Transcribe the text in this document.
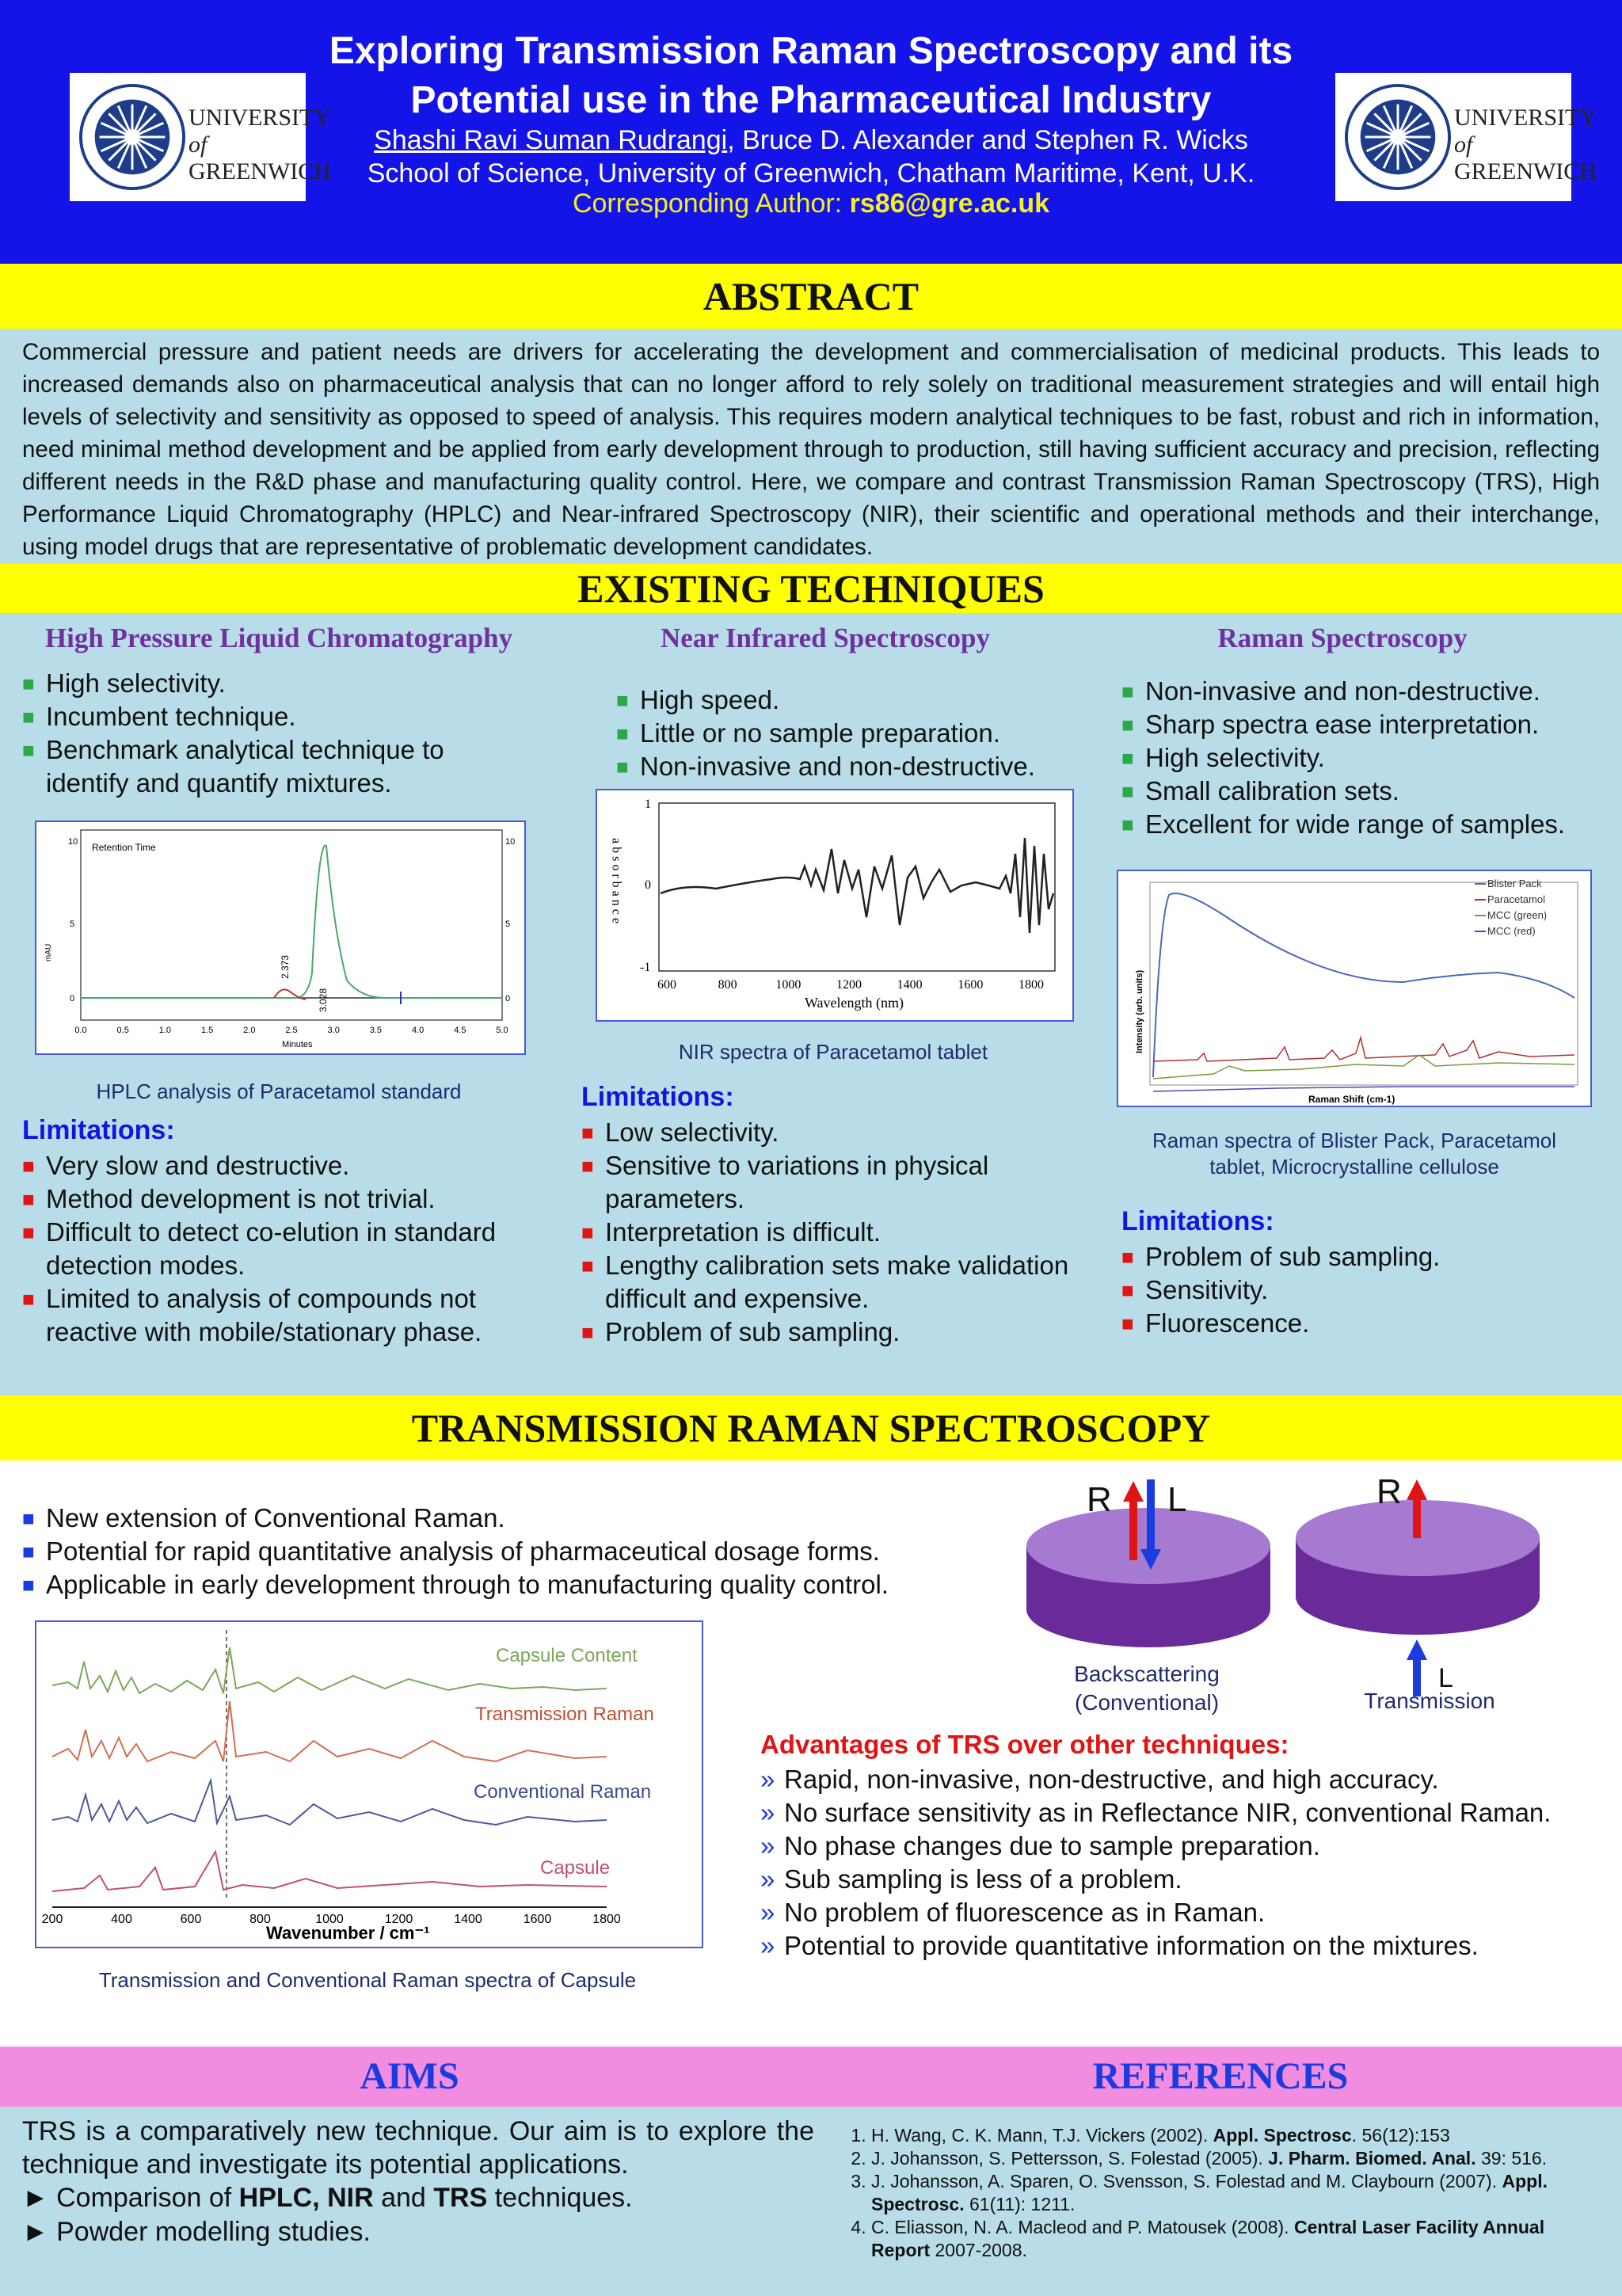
UNIVERSITY
of
GREENWICH
UNIVERSITY
of
GREENWICH
Exploring Transmission Raman Spectroscopy and its
Potential use in the Pharmaceutical Industry
Shashi Ravi Suman Rudrangi, Bruce D. Alexander and Stephen R. Wicks
School of Science, University of Greenwich, Chatham Maritime, Kent, U.K.
Corresponding Author: rs86@gre.ac.uk
ABSTRACT
Commercial pressure and patient needs are drivers for accelerating the development and commercialisation of medicinal products. This leads to increased demands also on pharmaceutical analysis that can no longer afford to rely solely on traditional measurement strategies and will entail high levels of selectivity and sensitivity as opposed to speed of analysis. This requires modern analytical techniques to be fast, robust and rich in information, need minimal method development and be applied from early development through to production, still having sufficient accuracy and precision, reflecting different needs in the R&D phase and manufacturing quality control. Here, we compare and contrast Transmission Raman Spectroscopy (TRS), High Performance Liquid Chromatography (HPLC) and Near-infrared Spectroscopy (NIR), their scientific and operational methods and their interchange, using model drugs that are representative of problematic development candidates.
EXISTING TECHNIQUES
High Pressure Liquid Chromatography
■ High selectivity.
■ Incumbent technique.
■ Benchmark analytical technique to identify and quantify mixtures.
Retention Time
mAU
10
5
0
10
5
0
2.373
3.028
0.0	0.5	1.0	1.5	2.0	2.5	3.0	3.5	4.0	4.5	5.0
Minutes
HPLC analysis of Paracetamol standard
Limitations:
■ Very slow and destructive.
■ Method development is not trivial.
■ Difficult to detect co-elution in standard detection modes.
■ Limited to analysis of compounds not reactive with mobile/stationary phase.
Near Infrared Spectroscopy
■ High speed.
■ Little or no sample preparation.
■ Non-invasive and non-destructive.
1
0
-1
absorbance
600	800	1000	1200	1400	1600	1800
Wavelength (nm)
NIR spectra of Paracetamol tablet
Limitations:
■ Low selectivity.
■ Sensitive to variations in physical parameters.
■ Interpretation is difficult.
■ Lengthy calibration sets make validation difficult and expensive.
■ Problem of sub sampling.
Raman Spectroscopy
■ Non-invasive and non-destructive.
■ Sharp spectra ease interpretation.
■ High selectivity.
■ Small calibration sets.
■ Excellent for wide range of samples.
Intensity (arb. units)
Blister Pack
Paracetamol
MCC (green)
MCC (red)
Raman Shift (cm-1)
Raman spectra of Blister Pack, Paracetamol tablet, Microcrystalline cellulose
Limitations:
■ Problem of sub sampling.
■ Sensitivity.
■ Fluorescence.
TRANSMISSION RAMAN SPECTROSCOPY
■ New extension of Conventional Raman.
■ Potential for rapid quantitative analysis of pharmaceutical dosage forms.
■ Applicable in early development through to manufacturing quality control.
Capsule Content
Transmission Raman
Conventional Raman
Capsule
200	400	600	800	1000	1200	1400	1600	1800
Wavenumber / cm⁻¹
Transmission and Conventional Raman spectra of Capsule
R L	R
L
Backscattering (Conventional)	Transmission
Advantages of TRS over other techniques:
» Rapid, non-invasive, non-destructive, and high accuracy.
» No surface sensitivity as in Reflectance NIR, conventional Raman.
» No phase changes due to sample preparation.
» Sub sampling is less of a problem.
» No problem of fluorescence as in Raman.
» Potential to provide quantitative information on the mixtures.
AIMS	REFERENCES
TRS is a comparatively new technique. Our aim is to explore the technique and investigate its potential applications.
► Comparison of HPLC, NIR and TRS techniques.
► Powder modelling studies.
1. H. Wang, C. K. Mann, T.J. Vickers (2002). Appl. Spectrosc. 56(12):153
2. J. Johansson, S. Pettersson, S. Folestad (2005). J. Pharm. Biomed. Anal. 39: 516.
3. J. Johansson, A. Sparen, O. Svensson, S. Folestad and M. Claybourn (2007). Appl. Spectrosc. 61(11): 1211.
4. C. Eliasson, N. A. Macleod and P. Matousek (2008). Central Laser Facility Annual Report 2007-2008.
